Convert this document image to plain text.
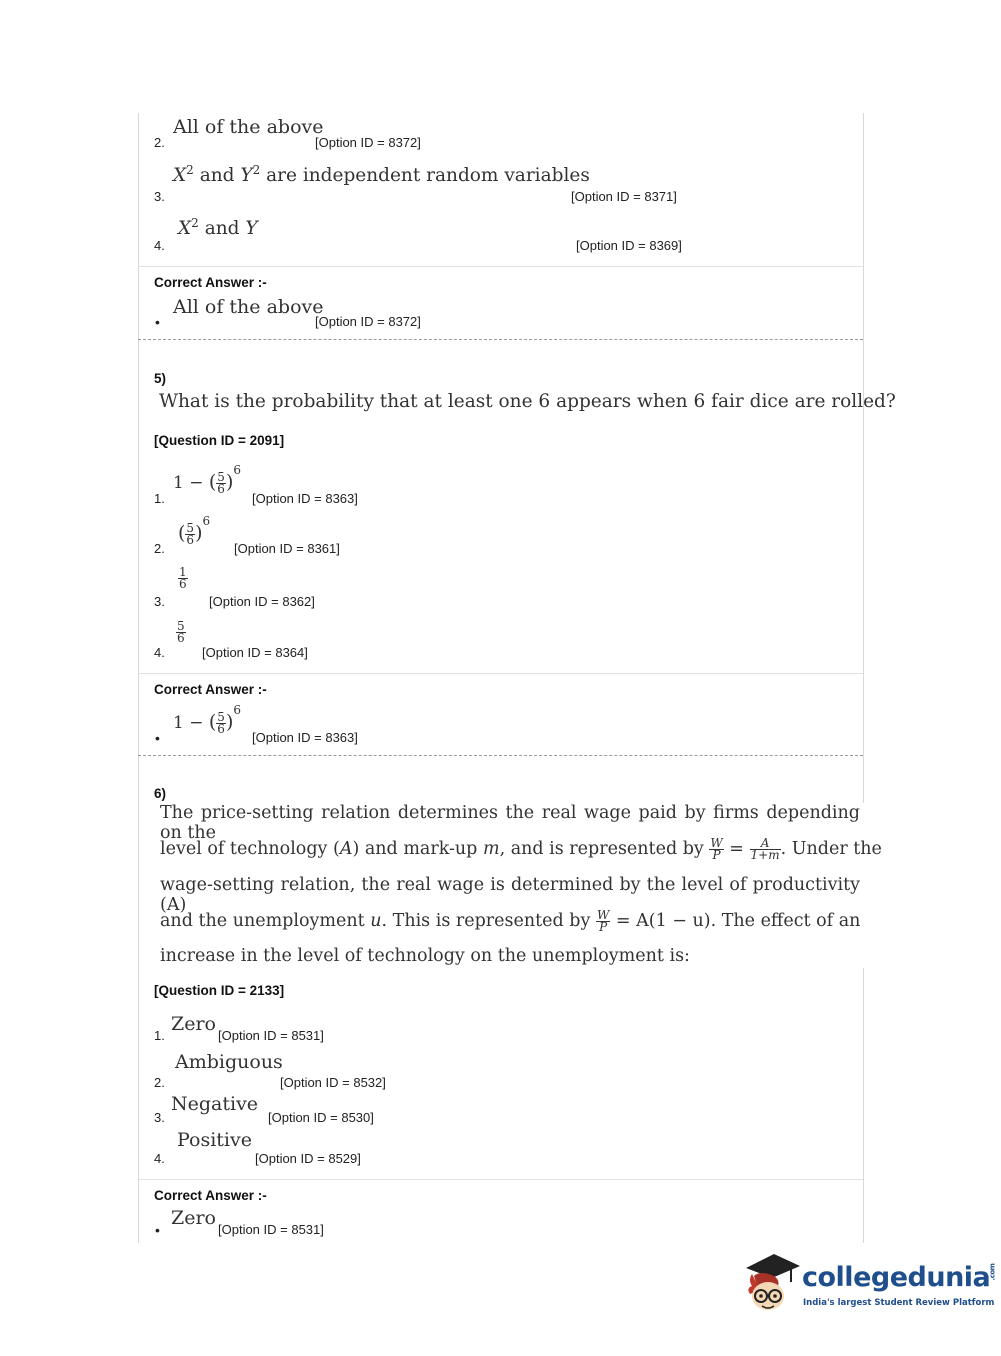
All of the above
2.	[Option ID = 8372]
$X^2$ and $Y^2$ are independent random variables
3.	[Option ID = 8371]
$X^2$ and Y
4.	[Option ID = 8369]
Correct Answer :-
All of the above
•	[Option ID = 8372]
5)
What is the probability that at least one 6 appears when 6 fair dice are rolled?
[Question ID = 2091]
1 − ( $\frac{5}{6} )^6$
1.	[Option ID = 8363]
( $\frac{5}{6} )^6$
2.	[Option ID = 8361]
$\frac{1}{6}$
3.	[Option ID = 8362]
$\frac{5}{6}$
4.	[Option ID = 8364]
Correct Answer :-
1 − ( $\frac{5}{6} )^6$
•	[Option ID = 8363]
6)
The price-setting relation determines the real wage paid by firms depending on the
level of technology (A) and mark-up m, and is represented by $\frac{W}{P} = \frac{A}{1+m}$ . Under the
wage-setting relation, the real wage is determined by the level of productivity (A)
and the unemployment u. This is represented by $\frac{W}{P} = A(1 - u)$. The effect of an
increase in the level of technology on the unemployment is:
[Question ID = 2133]
Zero
1.	[Option ID = 8531]
Ambiguous
2.	[Option ID = 8532]
Negative
3.	[Option ID = 8530]
Positive
4.	[Option ID = 8529]
Correct Answer :-
Zero
•	[Option ID = 8531]
collegedunia.com
India's largest Student Review Platform
